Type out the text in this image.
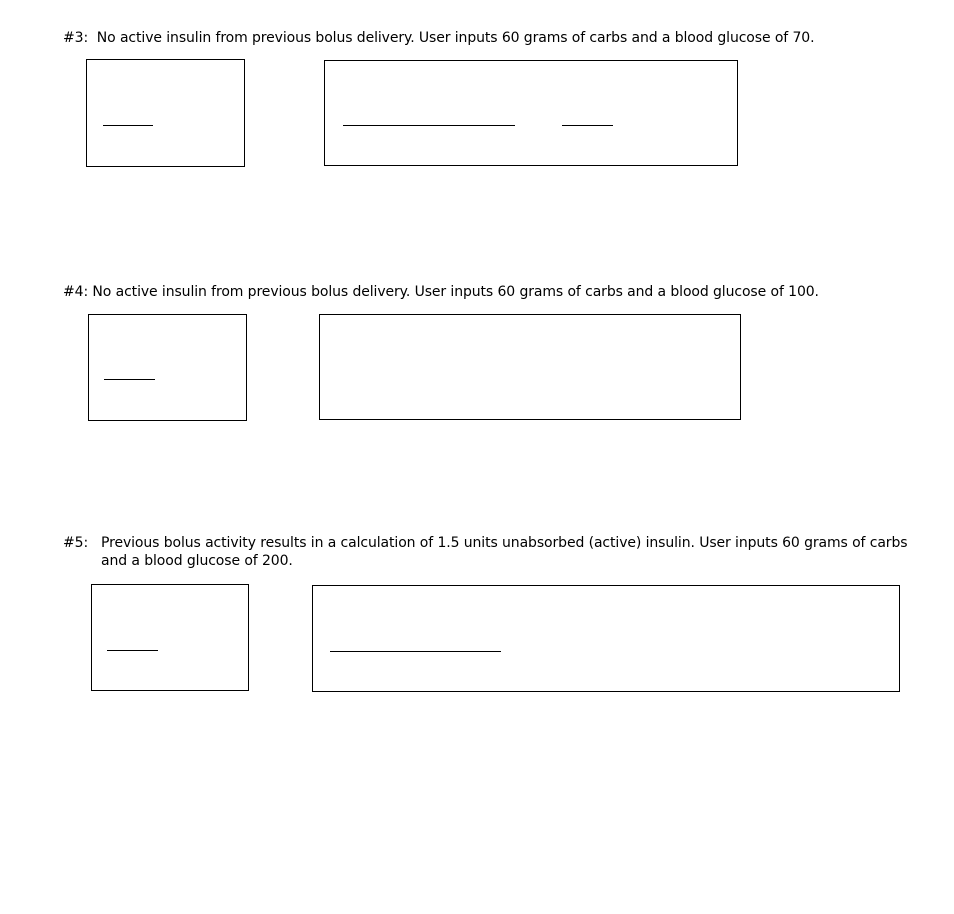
#3: No active insulin from previous bolus delivery. User inputs 60 grams of carbs and a blood glucose of 70.
#4: No active insulin from previous bolus delivery. User inputs 60 grams of carbs and a blood glucose of 100.
#5: Previous bolus activity results in a calculation of 1.5 units unabsorbed (active) insulin. User inputs 60 grams of carbs and a blood glucose of 200.
